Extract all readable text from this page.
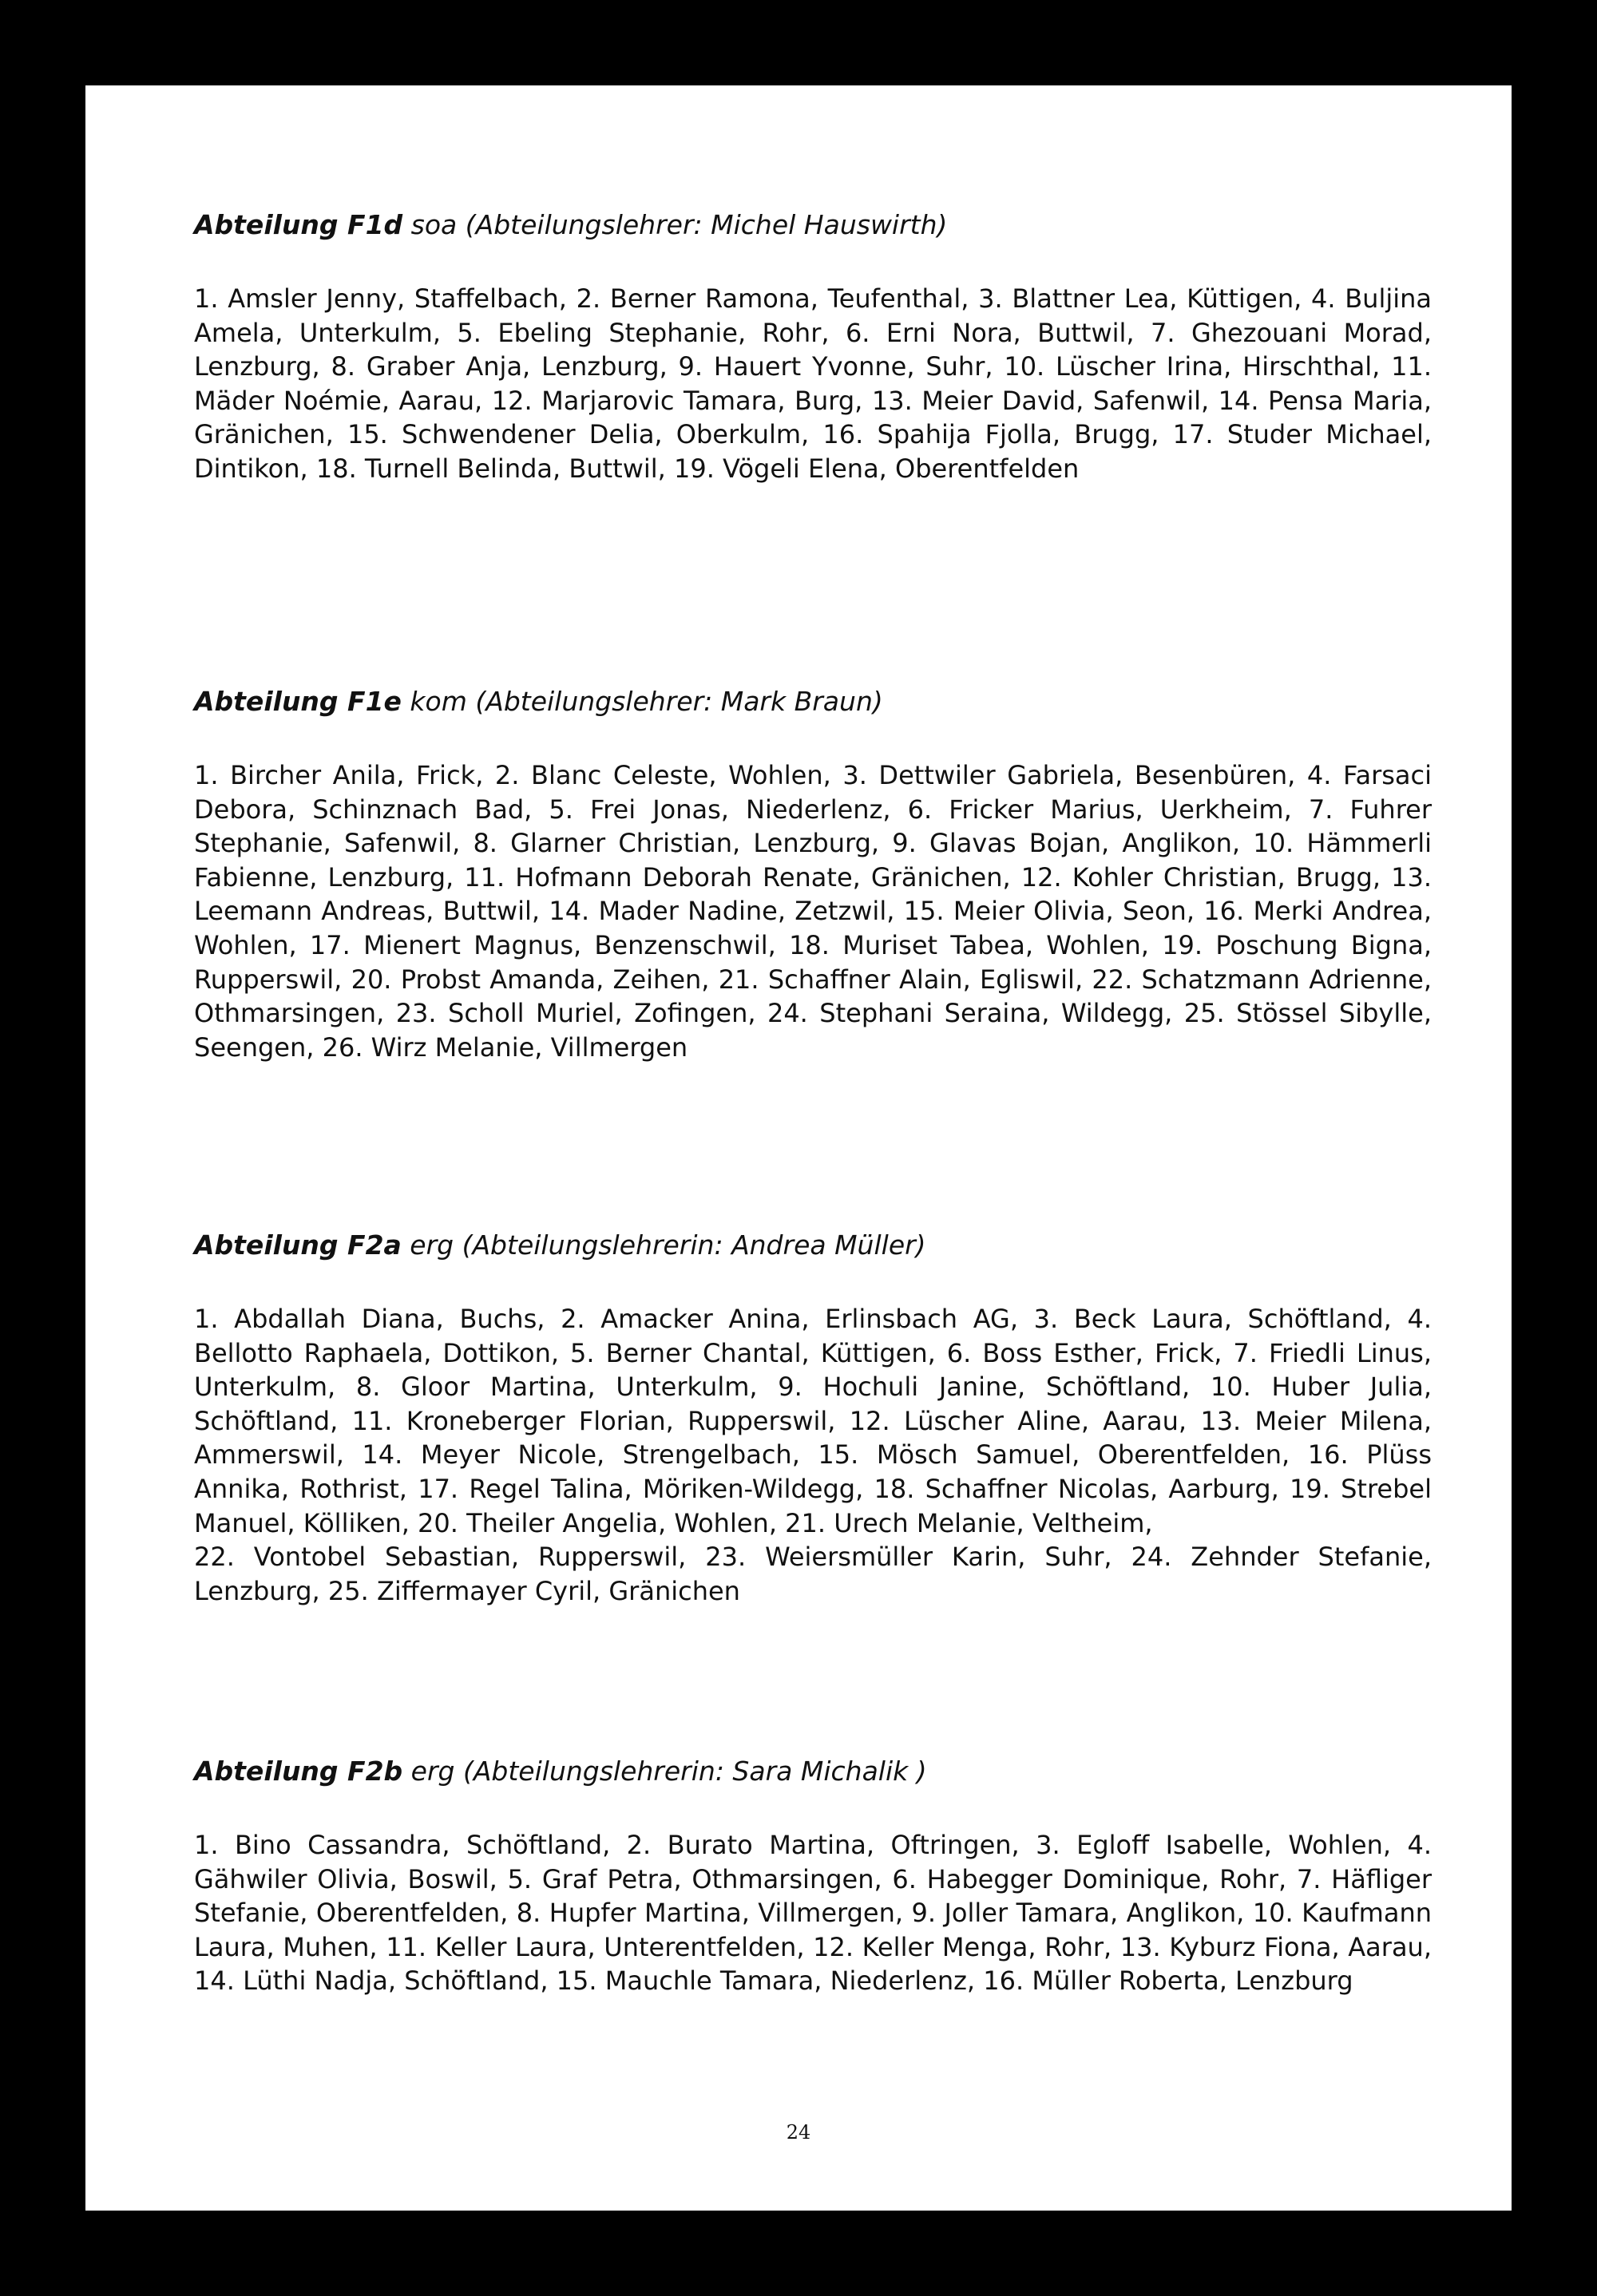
Abteilung F1d soa (Abteilungslehrer: Michel Hauswirth)

1. Amsler Jenny, Staffelbach, 2. Berner Ramona, Teufenthal, 3. Blattner Lea, Küttigen, 4. Buljina Amela, Unterkulm, 5. Ebeling Stephanie, Rohr, 6. Erni Nora, Buttwil, 7. Ghezouani Morad, Lenzburg, 8. Graber Anja, Lenzburg, 9. Hauert Yvonne, Suhr, 10. Lüscher Irina, Hirschthal, 11. Mäder Noémie, Aarau, 12. Marjarovic Tamara, Burg, 13. Meier David, Safenwil, 14. Pensa Maria, Gränichen, 15. Schwendener Delia, Oberkulm, 16. Spahija Fjolla, Brugg, 17. Studer Michael, Dintikon, 18. Turnell Belinda, Buttwil, 19. Vögeli Elena, Oberentfelden

Abteilung F1e kom (Abteilungslehrer: Mark Braun)

1. Bircher Anila, Frick, 2. Blanc Celeste, Wohlen, 3. Dettwiler Gabriela, Besenbüren, 4. Farsaci Debora, Schinznach Bad, 5. Frei Jonas, Niederlenz, 6. Fricker Marius, Uerkheim, 7. Fuhrer Stephanie, Safenwil, 8. Glarner Christian, Lenzburg, 9. Glavas Bojan, Anglikon, 10. Hämmerli Fabienne, Lenzburg, 11. Hofmann Deborah Renate, Gränichen, 12. Kohler Christian, Brugg, 13. Leemann Andreas, Buttwil, 14. Mader Nadine, Zetzwil, 15. Meier Olivia, Seon, 16. Merki Andrea, Wohlen, 17. Mienert Magnus, Benzenschwil, 18. Muriset Tabea, Wohlen, 19. Poschung Bigna, Rupperswil, 20. Probst Amanda, Zeihen, 21. Schaffner Alain, Egliswil, 22. Schatzmann Adrienne, Othmarsingen, 23. Scholl Muriel, Zofingen, 24. Stephani Seraina, Wildegg, 25. Stössel Sibylle, Seengen, 26. Wirz Melanie, Villmergen

Abteilung F2a erg (Abteilungslehrerin: Andrea Müller)

1. Abdallah Diana, Buchs, 2. Amacker Anina, Erlinsbach AG, 3. Beck Laura, Schöftland, 4. Bellotto Raphaela, Dottikon, 5. Berner Chantal, Küttigen, 6. Boss Esther, Frick, 7. Friedli Linus, Unterkulm, 8. Gloor Martina, Unterkulm, 9. Hochuli Janine, Schöftland, 10. Huber Julia, Schöftland, 11. Kroneberger Florian, Rupperswil, 12. Lüscher Aline, Aarau, 13. Meier Milena, Ammerswil, 14. Meyer Nicole, Strengelbach, 15. Mösch Samuel, Oberentfelden, 16. Plüss Annika, Rothrist, 17. Regel Talina, Möriken-Wildegg, 18. Schaffner Nicolas, Aarburg, 19. Strebel Manuel, Kölliken, 20. Theiler Angelia, Wohlen, 21. Urech Melanie, Veltheim,
22. Vontobel Sebastian, Rupperswil, 23. Weiersmüller Karin, Suhr, 24. Zehnder Stefanie, Lenzburg, 25. Ziffermayer Cyril, Gränichen

Abteilung F2b erg (Abteilungslehrerin: Sara Michalik )

1. Bino Cassandra, Schöftland, 2. Burato Martina, Oftringen, 3. Egloff Isabelle, Wohlen, 4. Gähwiler Olivia, Boswil, 5. Graf Petra, Othmarsingen, 6. Habegger Dominique, Rohr, 7. Häfliger Stefanie, Oberentfelden, 8. Hupfer Martina, Villmergen, 9. Joller Tamara, Anglikon, 10. Kaufmann Laura, Muhen, 11. Keller Laura, Unterentfelden, 12. Keller Menga, Rohr, 13. Kyburz Fiona, Aarau, 14. Lüthi Nadja, Schöftland, 15. Mauchle Tamara, Niederlenz, 16. Müller Roberta, Lenzburg
24
